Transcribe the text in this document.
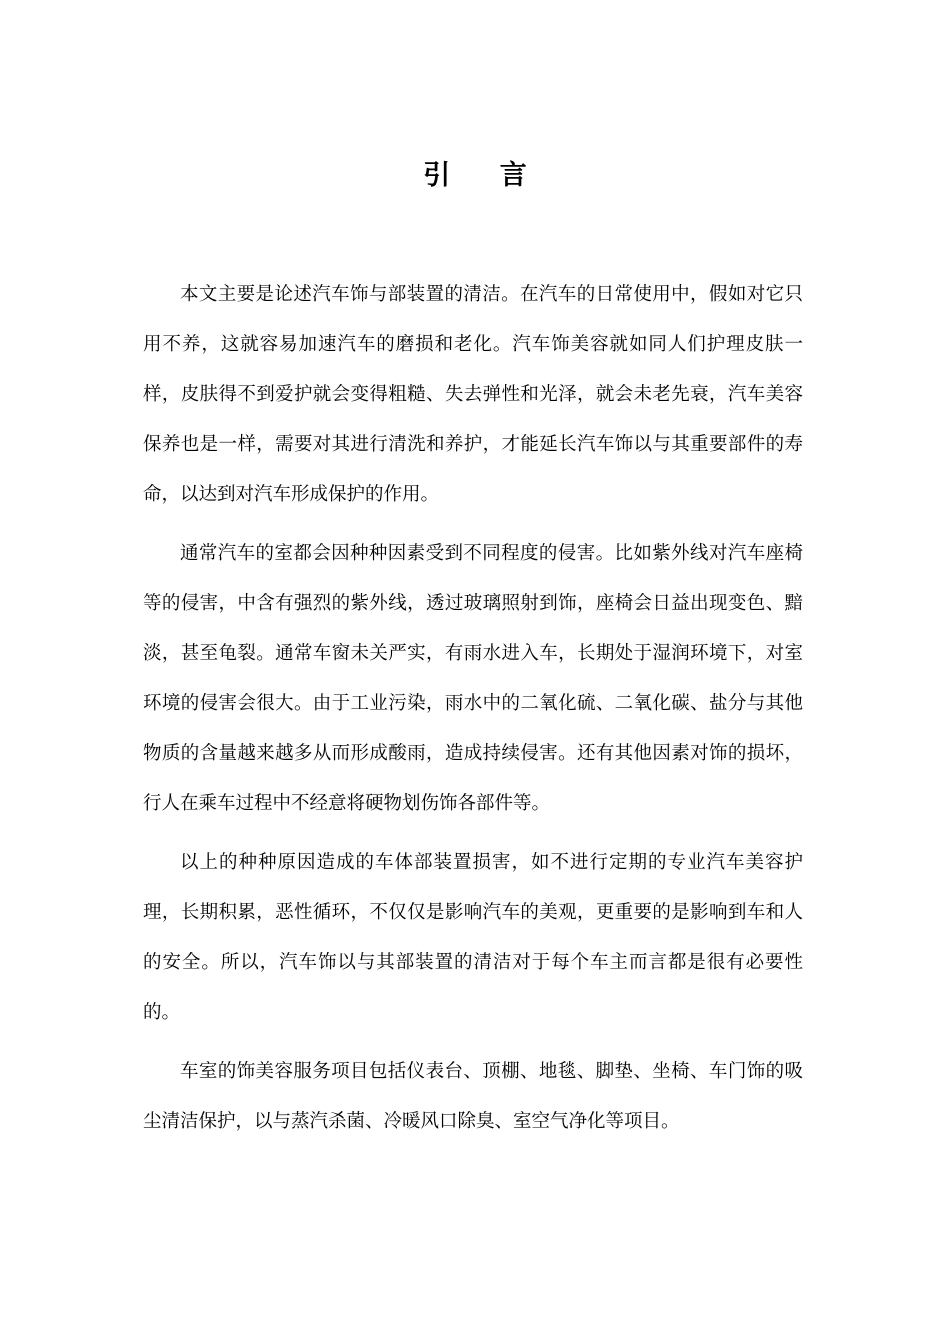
引 言

本文主要是论述汽车饰与部装置的清洁。在汽车的日常使用中，假如对它只用不养，这就容易加速汽车的磨损和老化。汽车饰美容就如同人们护理皮肤一样，皮肤得不到爱护就会变得粗糙、失去弹性和光泽，就会未老先衰，汽车美容保养也是一样，需要对其进行清洗和养护，才能延长汽车饰以与其重要部件的寿命，以达到对汽车形成保护的作用。

通常汽车的室都会因种种因素受到不同程度的侵害。比如紫外线对汽车座椅等的侵害，中含有强烈的紫外线，透过玻璃照射到饰，座椅会日益出现变色、黯淡，甚至龟裂。通常车窗未关严实，有雨水进入车，长期处于湿润环境下，对室环境的侵害会很大。由于工业污染，雨水中的二氧化硫、二氧化碳、盐分与其他物质的含量越来越多从而形成酸雨，造成持续侵害。还有其他因素对饰的损坏，行人在乘车过程中不经意将硬物划伤饰各部件等。

以上的种种原因造成的车体部装置损害，如不进行定期的专业汽车美容护理，长期积累，恶性循环，不仅仅是影响汽车的美观，更重要的是影响到车和人的安全。所以，汽车饰以与其部装置的清洁对于每个车主而言都是很有必要性的。

车室的饰美容服务项目包括仪表台、顶棚、地毯、脚垫、坐椅、车门饰的吸尘清洁保护，以与蒸汽杀菌、冷暖风口除臭、室空气净化等项目。
